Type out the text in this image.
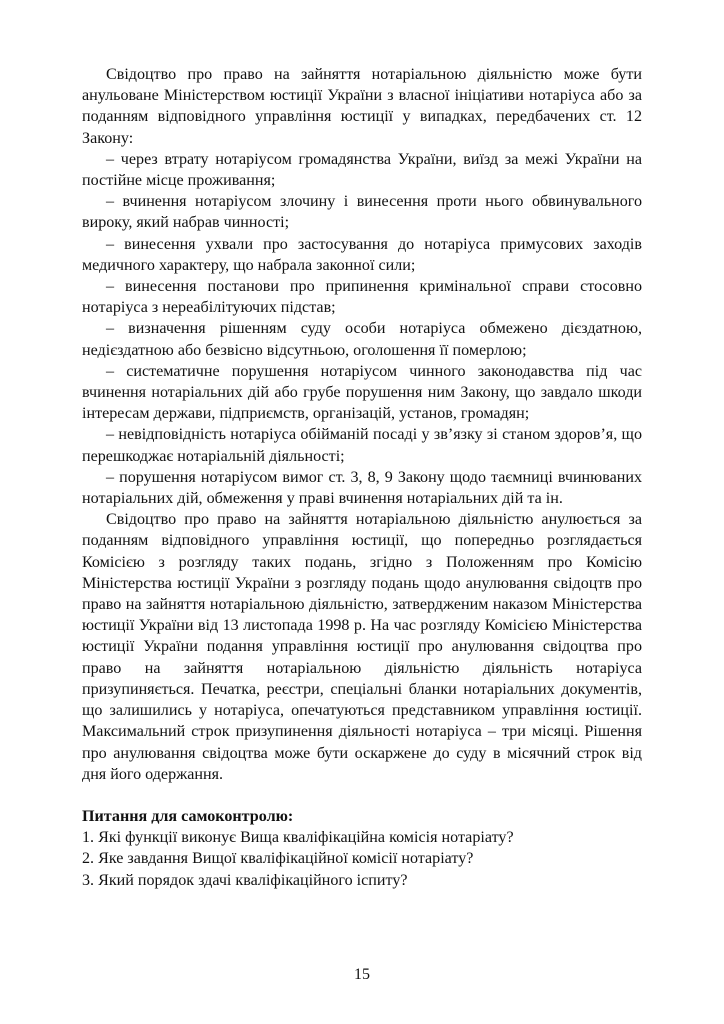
Свідоцтво про право на зайняття нотаріальною діяльністю може бути анульоване Міністерством юстиції України з власної ініціативи нотаріуса або за поданням відповідного управління юстиції у випадках, передбачених ст. 12 Закону:

– через втрату нотаріусом громадянства України, виїзд за межі України на постійне місце проживання;

– вчинення нотаріусом злочину і винесення проти нього обвинувального вироку, який набрав чинності;

– винесення ухвали про застосування до нотаріуса примусових заходів медичного характеру, що набрала законної сили;

– винесення постанови про припинення кримінальної справи стосовно нотаріуса з нереабілітуючих підстав;

– визначення рішенням суду особи нотаріуса обмежено дієздатною, недієздатною або безвісно відсутньою, оголошення її померлою;

– систематичне порушення нотаріусом чинного законодавства під час вчинення нотаріальних дій або грубе порушення ним Закону, що завдало шкоди інтересам держави, підприємств, організацій, установ, громадян;

– невідповідність нотаріуса обійманій посаді у зв’язку зі станом здоров’я, що перешкоджає нотаріальній діяльності;

– порушення нотаріусом вимог ст. 3, 8, 9 Закону щодо таємниці вчинюваних нотаріальних дій, обмеження у праві вчинення нотаріальних дій та ін.

Свідоцтво про право на зайняття нотаріальною діяльністю анулюється за поданням відповідного управління юстиції, що попередньо розглядається Комісією з розгляду таких подань, згідно з Положенням про Комісію Міністерства юстиції України з розгляду подань щодо анулювання свідоцтв про право на зайняття нотаріальною діяльністю, затвердженим наказом Міністерства юстиції України від 13 листопада 1998 р. На час розгляду Комісією Міністерства юстиції України подання управління юстиції про анулювання свідоцтва про право на зайняття нотаріальною діяльністю діяльність нотаріуса призупиняється. Печатка, реєстри, спеціальні бланки нотаріальних документів, що залишились у нотаріуса, опечатуються представником управління юстиції. Максимальний строк призупинення діяльності нотаріуса – три місяці. Рішення про анулювання свідоцтва може бути оскаржене до суду в місячний строк від дня його одержання.

Питання для самоконтролю:

1. Які функції виконує Вища кваліфікаційна комісія нотаріату?

2. Яке завдання Вищої кваліфікаційної комісії нотаріату?

3. Який порядок здачі кваліфікаційного іспиту?

15
